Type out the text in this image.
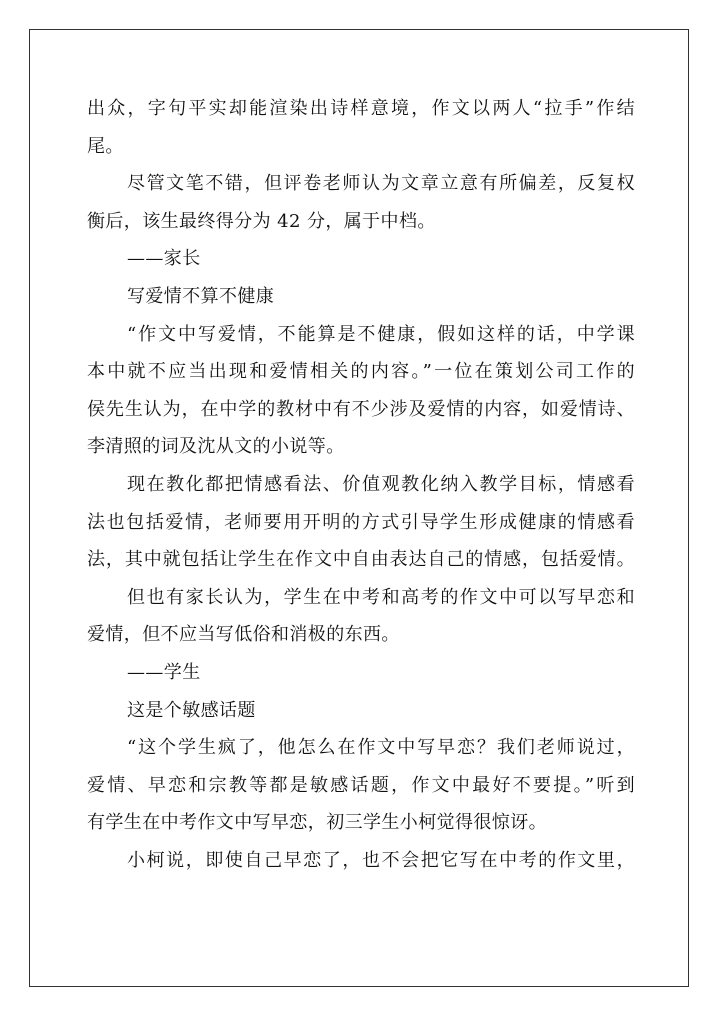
出众，字句平实却能渲染出诗样意境，作文以两人“拉手”作结
尾。
尽管文笔不错，但评卷老师认为文章立意有所偏差，反复权
衡后，该生最终得分为 42 分，属于中档。
——家长
写爱情不算不健康
“作文中写爱情，不能算是不健康，假如这样的话，中学课
本中就不应当出现和爱情相关的内容。”一位在策划公司工作的
侯先生认为，在中学的教材中有不少涉及爱情的内容，如爱情诗、
李清照的词及沈从文的小说等。
现在教化都把情感看法、价值观教化纳入教学目标，情感看
法也包括爱情，老师要用开明的方式引导学生形成健康的情感看
法，其中就包括让学生在作文中自由表达自己的情感，包括爱情。
但也有家长认为，学生在中考和高考的作文中可以写早恋和
爱情，但不应当写低俗和消极的东西。
——学生
这是个敏感话题
“这个学生疯了，他怎么在作文中写早恋？我们老师说过，
爱情、早恋和宗教等都是敏感话题，作文中最好不要提。”听到
有学生在中考作文中写早恋，初三学生小柯觉得很惊讶。
小柯说，即使自己早恋了，也不会把它写在中考的作文里，
